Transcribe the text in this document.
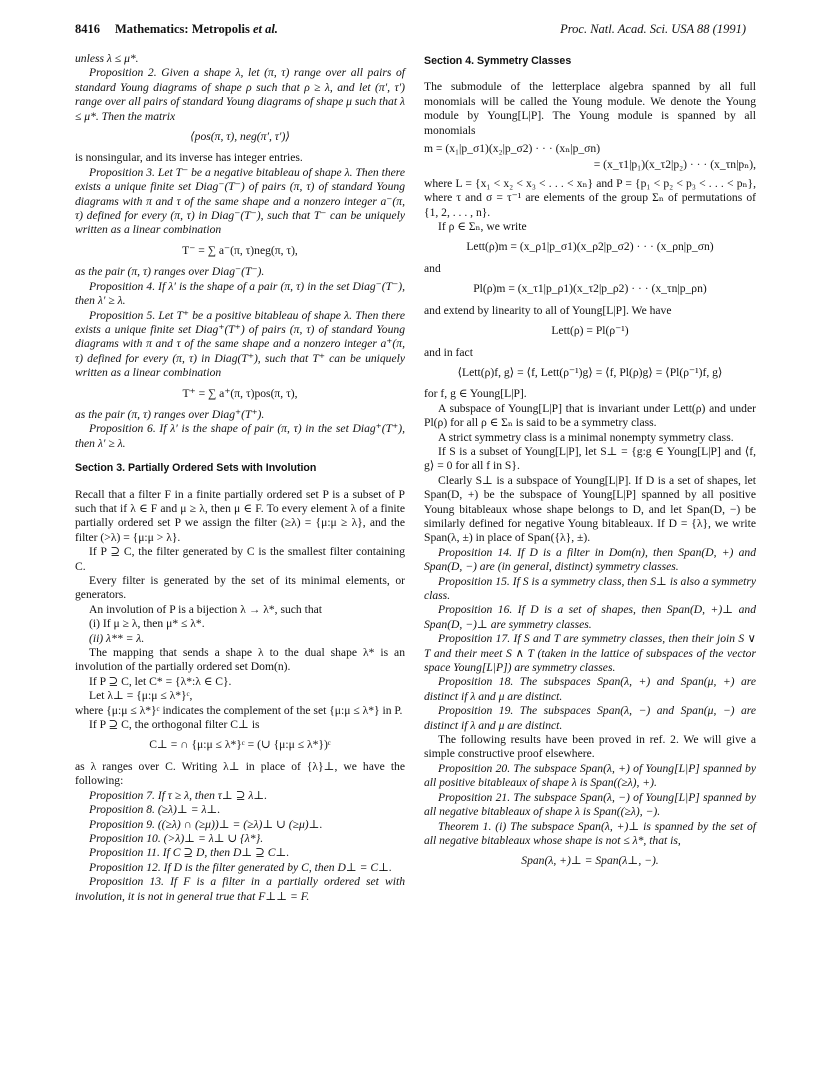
8416 Mathematics: Metropolis et al.	Proc. Natl. Acad. Sci. USA 88 (1991)

unless λ ≤ μ*.

Proposition 2. Given a shape λ, let (π, τ) range over all pairs of standard Young diagrams of shape ρ such that ρ ≥ λ, and let (π′, τ′) range over all pairs of standard Young diagrams of shape μ such that λ ≤ μ*. Then the matrix

⟨pos(π, τ), neg(π′, τ′)⟩

is nonsingular, and its inverse has integer entries.

Proposition 3. Let T⁻ be a negative bitableau of shape λ. Then there exists a unique finite set Diag⁻(T⁻) of pairs (π, τ) of standard Young diagrams with π and τ of the same shape and a nonzero integer a⁻(π, τ) defined for every (π, τ) in Diag⁻(T⁻), such that T⁻ can be uniquely written as a linear combination

T⁻ = ∑ a⁻(π, τ)neg(π, τ),

as the pair (π, τ) ranges over Diag⁻(T⁻).

Proposition 4. If λ′ is the shape of a pair (π, τ) in the set Diag⁻(T⁻), then λ′ ≥ λ.

Proposition 5. Let T⁺ be a positive bitableau of shape λ. Then there exists a unique finite set Diag⁺(T⁺) of pairs (π, τ) of standard Young diagrams with π and τ of the same shape and a nonzero integer a⁺(π, τ) defined for every (π, τ) in Diag(T⁺), such that T⁺ can be uniquely written as a linear combination

T⁺ = ∑ a⁺(π, τ)pos(π, τ),

as the pair (π, τ) ranges over Diag⁺(T⁺).

Proposition 6. If λ′ is the shape of pair (π, τ) in the set Diag⁺(T⁺), then λ′ ≥ λ.

Section 3. Partially Ordered Sets with Involution

Recall that a filter F in a finite partially ordered set P is a subset of P such that if λ ∈ F and μ ≥ λ, then μ ∈ F. To every element λ of a finite partially ordered set P we assign the filter (≥λ) = {μ:μ ≥ λ}, and the filter (>λ) = {μ:μ > λ}.

If P ⊇ C, the filter generated by C is the smallest filter containing C.

Every filter is generated by the set of its minimal elements, or generators.

An involution of P is a bijection λ → λ*, such that

(i) If μ ≥ λ, then μ* ≤ λ*.

(ii) λ** = λ.

The mapping that sends a shape λ to the dual shape λ* is an involution of the partially ordered set Dom(n).

If P ⊇ C, let C* = {λ*:λ ∈ C}.

Let λ⊥ = {μ:μ ≤ λ*}ᶜ,

where {μ:μ ≤ λ*}ᶜ indicates the complement of the set {μ:μ ≤ λ*} in P.

If P ⊇ C, the orthogonal filter C⊥ is

C⊥ = ∩ {μ:μ ≤ λ*}ᶜ = (∪ {μ:μ ≤ λ*})ᶜ

as λ ranges over C. Writing λ⊥ in place of {λ}⊥, we have the following:

Proposition 7. If τ ≥ λ, then τ⊥ ⊇ λ⊥.

Proposition 8. (≥λ)⊥ = λ⊥.

Proposition 9. ((≥λ) ∩ (≥μ))⊥ = (≥λ)⊥ ∪ (≥μ)⊥.

Proposition 10. (>λ)⊥ = λ⊥ ∪ {λ*}.

Proposition 11. If C ⊇ D, then D⊥ ⊇ C⊥.

Proposition 12. If D is the filter generated by C, then D⊥ = C⊥.

Proposition 13. If F is a filter in a partially ordered set with involution, it is not in general true that F⊥⊥ = F.

Section 4. Symmetry Classes

The submodule of the letterplace algebra spanned by all full monomials will be called the Young module. We denote the Young module by Young[L|P]. The Young module is spanned by all monomials

m = (x₁|p_σ1)(x₂|p_σ2) · · · (xₙ|p_σn)

= (x_τ1|p₁)(x_τ2|p₂) · · · (x_τn|pₙ),

where L = {x₁ < x₂ < x₃ < . . . < xₙ} and P = {p₁ < p₂ < p₃ < . . . < pₙ}, where τ and σ = τ⁻¹ are elements of the group Σₙ of permutations of {1, 2, . . . , n}.

If ρ ∈ Σₙ, we write

Lett(ρ)m = (x_ρ1|p_σ1)(x_ρ2|p_σ2) · · · (x_ρn|p_σn)

and

Pl(ρ)m = (x_τ1|p_ρ1)(x_τ2|p_ρ2) · · · (x_τn|p_ρn)

and extend by linearity to all of Young[L|P]. We have

Lett(ρ) = Pl(ρ⁻¹)

and in fact

⟨Lett(ρ)f, g⟩ = ⟨f, Lett(ρ⁻¹)g⟩ = ⟨f, Pl(ρ)g⟩ = ⟨Pl(ρ⁻¹)f, g⟩

for f, g ∈ Young[L|P].

A subspace of Young[L|P] that is invariant under Lett(ρ) and under Pl(ρ) for all ρ ∈ Σₙ is said to be a symmetry class.

A strict symmetry class is a minimal nonempty symmetry class.

If S is a subset of Young[L|P], let S⊥ = {g:g ∈ Young[L|P] and ⟨f, g⟩ = 0 for all f in S}.

Clearly S⊥ is a subspace of Young[L|P]. If D is a set of shapes, let Span(D, +) be the subspace of Young[L|P] spanned by all positive Young bitableaux whose shape belongs to D, and let Span(D, −) be similarly defined for negative Young bitableaux. If D = {λ}, we write Span(λ, ±) in place of Span({λ}, ±).

Proposition 14. If D is a filter in Dom(n), then Span(D, +) and Span(D, −) are (in general, distinct) symmetry classes.

Proposition 15. If S is a symmetry class, then S⊥ is also a symmetry class.

Proposition 16. If D is a set of shapes, then Span(D, +)⊥ and Span(D, −)⊥ are symmetry classes.

Proposition 17. If S and T are symmetry classes, then their join S ∨ T and their meet S ∧ T (taken in the lattice of subspaces of the vector space Young[L|P]) are symmetry classes.

Proposition 18. The subspaces Span(λ, +) and Span(μ, +) are distinct if λ and μ are distinct.

Proposition 19. The subspaces Span(λ, −) and Span(μ, −) are distinct if λ and μ are distinct.

The following results have been proved in ref. 2. We will give a simple constructive proof elsewhere.

Proposition 20. The subspace Span(λ, +) of Young[L|P] spanned by all positive bitableaux of shape λ is Span((≥λ), +).

Proposition 21. The subspace Span(λ, −) of Young[L|P] spanned by all negative bitableaux of shape λ is Span((≥λ), −).

Theorem 1. (i) The subspace Span(λ, +)⊥ is spanned by the set of all negative bitableaux whose shape is not ≤ λ*, that is,

Span(λ, +)⊥ = Span(λ⊥, −).
